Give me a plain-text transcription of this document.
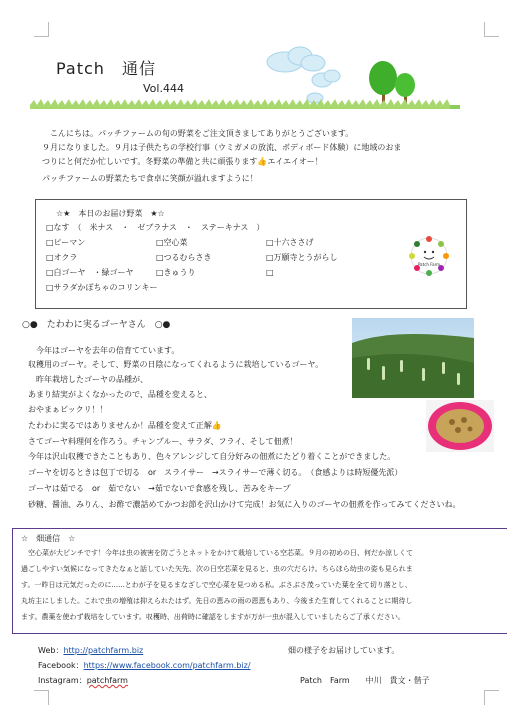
Patch　通信
Vol.444
　こんにちは。パッチファームの旬の野菜をご注文頂きましてありがとうございます。
９月になりました。９月は子供たちの学校行事（ウミガメの放流、ボディボード体験）に地域のおま
つりにと何だか忙しいです。冬野菜の準備と共に頑張ります👍エイエイオー！
パッチファームの野菜たちで食卓に笑顔が溢れますように！
☆★　本日のお届け野菜　★☆
□なす　（　米ナス　・　ゼブラナス　・　ステーキナス　）
□ピーマン
□オクラ
□白ゴーヤ　・緑ゴーヤ
□サラダかぼちゃのコリンキー
□空心菜
□つるむらさき
□きゅうり
□十六ささげ
□万願寺とうがらし
□
Patch Farm
○●　たわわに実るゴーヤさん　○●
　今年はゴーヤを去年の倍育てています。
収穫用のゴーヤ。そして、野菜の日陰になってくれるように栽培しているゴーヤ。
　昨年栽培したゴーヤの品種が、
あまり結実がよくなかったので、品種を変えると、
おやまぁビックリ！！
たわわに実るではありませんか！品種を変えて正解👍
さてゴーヤ料理何を作ろう。チャンプルー、サラダ、フライ、そして佃煮！
今年は沢山収穫できたこともあり、色々アレンジして自分好みの佃煮にたどり着くことができました。
ゴーヤを切るときは包丁で切る　or　スライサー　→スライサーで薄く切る。　（食感よりは時短優先派）
ゴーヤは茹でる　or　茹でない　→茹でないで食感を残し、苦みをキープ
砂糖、醤油、みりん、お酢で濃話めてかつお節を沢山かけて完成！お気に入りのゴーヤの佃煮を作ってみてくださいね。
☆　畑通信　☆
　空心菜が大ピンチです！今年は虫の被害を防ごうとネットをかけて栽培している空芯菜。９月の初めの日、何だか涼しくて
過ごしやすい気候になってきたなぁと話していた矢先、次の日空芯菜を見ると、虫の穴だらけ。ちらほら幼虫の姿も見られま
す。一昨日は元気だったのに......とわが子を見るまなざしで空心菜を見つめる私。ぶさぶさ茂っていた葉を全て切り落とし、
丸坊主にしました。これで虫の増殖は抑えられたはず。先日の恵みの雨の恩恵もあり、今後また生育してくれることに期待し
ます。農薬を使わず栽培をしています。収穫時、出荷時に確認をしますが万が一虫が混入していましたらご了承ください。
Web：http://patchfarm.biz
Facebook：https://www.facebook.com/patchfarm.biz/
Instagram：patchfarm
畑の様子をお届けしています。
Patch　Farm　　中川　貴文・偕子
